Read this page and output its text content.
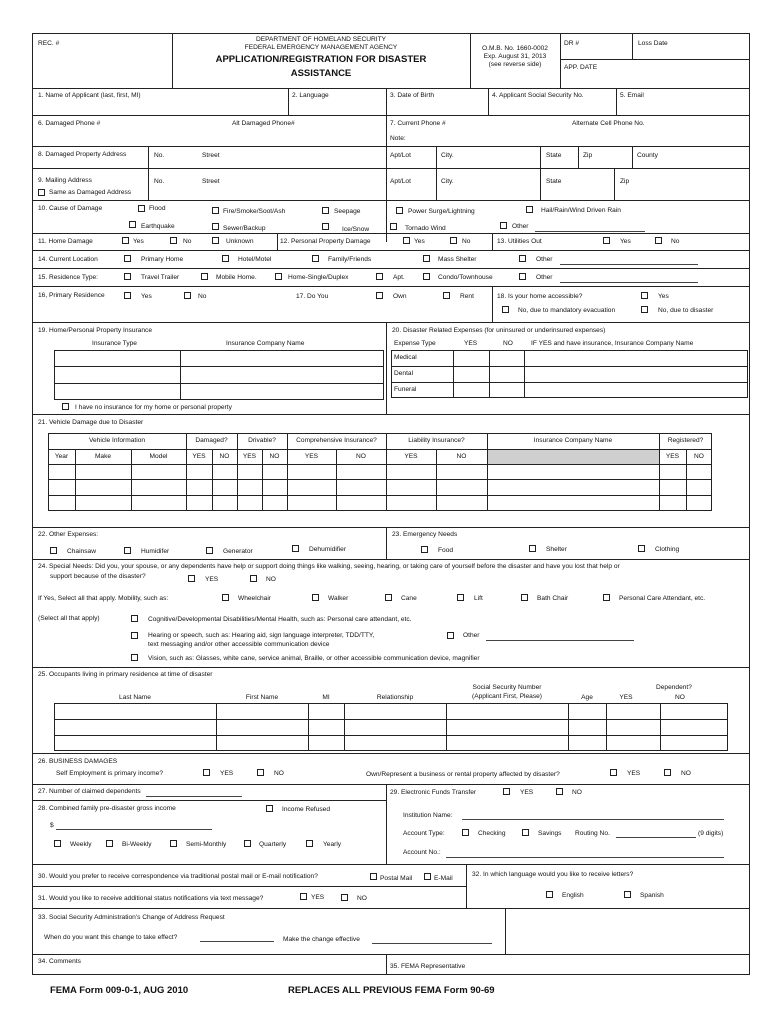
REC. #
DEPARTMENT OF HOMELAND SECURITY
FEDERAL EMERGENCY MANAGEMENT AGENCY
APPLICATION/REGISTRATION FOR DISASTER
ASSISTANCE
O.M.B. No. 1660-0002
Exp. August 31, 2013
(see reverse side)
DR #	Loss Date
APP. DATE
1. Name of Applicant (last, first, MI)	2. Language	3. Date of Birth	4. Applicant Social Security No.	5. Email
6. Damaged Phone #	Alt Damaged Phone#	7. Current Phone #	Alternate Cell Phone No.
Note:
8. Damaged Property Address	No.	Street	Apt/Lot	City.	State	Zip	County
9. Mailing Address
Same as Damaged Address
No.	Street	Apt/Lot	City.	State	Zip
10. Cause of Damage	Flood	Fire/Smoke/Soot/Ash	Seepage	Power Surge/Lightning	Hail/Rain/Wind Driven Rain
Earthquake	Sewer/Backup	Ice/Snow	Tornado Wind	Other
11. Home Damage	Yes	No	Unknown	12. Personal Property Damage	Yes	No	13. Utilities Out	Yes	No
14. Current Location	Primary Home	Hotel/Motel	Family/Friends	Mass Shelter	Other
15. Residence Type:	Travel Trailer	Mobile Home.	Home-Single/Duplex	Apt.	Condo/Townhouse	Other
16, Primary Residence	Yes	No	17. Do You	Own	Rent	18. Is your home accessible?	Yes
No, due to mandatory evacuation	No, due to disaster
19. Home/Personal Property Insurance
Insurance Type	Insurance Company Name
I have no insurance for my home or personal property
20. Disaster Related Expenses (for uninsured or underinsured expenses)
Expense Type	YES	NO	IF YES and have insurance, Insurance Company Name
Medical
Dental
Funeral
21. Vehicle Damage due to Disaster
Vehicle Information	Damaged?	Drivable?	Comprehensive Insurance?	Liability Insurance?	Insurance Company Name	Registered?
Year	Make	Model	YES	NO	YES	NO	YES	NO	YES	NO	YES	NO
22. Other Expenses:
Chainsaw	Humidifer	Generator	Dehumidifier
23. Emergency Needs
Food	Shelter	Clothing
24. Special Needs: Did you, your spouse, or any dependents have help or support doing things like walking, seeing, hearing, or taking care of yourself before the disaster and have you lost that help or
support because of the disaster?	YES	NO
If Yes, Select all that apply. Mobility, such as:	Wheelchair	Walker	Cane	Lift	Bath Chair	Personal Care Attendant, etc.
(Select all that apply)	Cognitive/Developmental Disabilities/Mental Health, such as: Personal care attendant, etc.
Hearing or speech, such as: Hearing aid, sign language interpreter, TDD/TTY,
text messaging and/or other accessible communication device
Other
Vision, such as: Glasses, white cane, service animal, Braille, or other accessible communication device, magnifier
25. Occupants living in primary residence at time of disaster
Social Security Number
(Applicant First, Please)
Dependent?
Last Name	First Name	MI	Relationship	Age	YES	NO
26. BUSINESS DAMAGES
Self Employment is primary income?	YES	NO	Own/Represent a business or rental property affected by disaster?	YES	NO
27. Number of claimed dependents	29. Electronic Funds Transfer	YES	NO
28. Combined family pre-disaster gross income	Income Refused
$
Weekly	Bi-Weekly	Semi-Monthly	Quarterly	Yearly
Institution Name:
Account Type:	Checking	Savings Routing No.	(9 digits)
Account No.:
30. Would you prefer to receive correspondence via traditional postal mail or E-mail notification?	Postal Mail	E-Mail
32. In which language would you like to receive letters?
English	Spanish
31. Would you like to receive additional status notifications via text message?	YES	NO
33. Social Security Administration's Change of Address Request
When do you want this change to take effect?	Make the change effective
34. Comments
35. FEMA Representative
FEMA Form 009-0-1, AUG 2010	REPLACES ALL PREVIOUS FEMA Form 90-69
